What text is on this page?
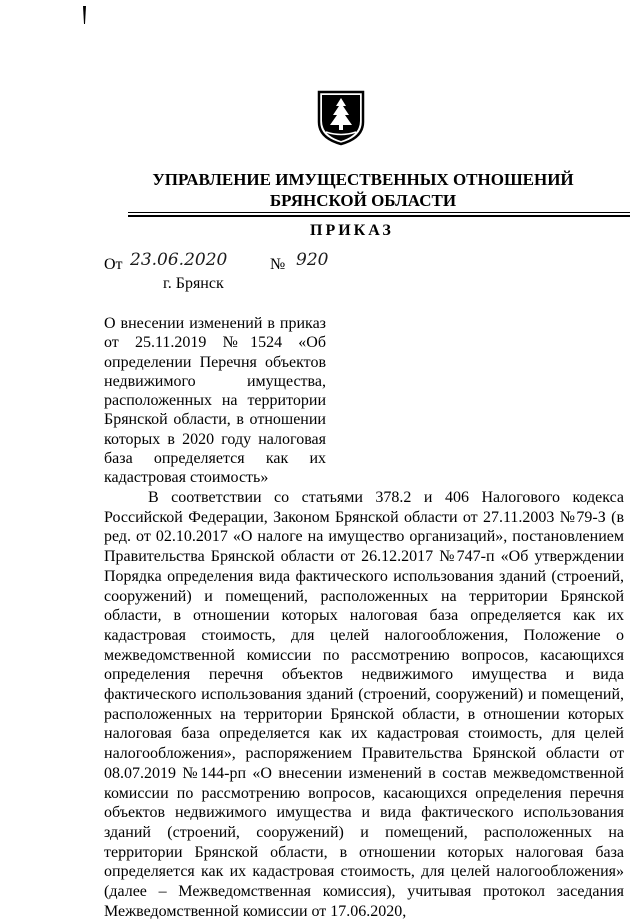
УПРАВЛЕНИЕ ИМУЩЕСТВЕННЫХ ОТНОШЕНИЙ
БРЯНСКОЙ ОБЛАСТИ
ПРИКАЗ
От 23.06.2020	№ 920
г. Брянск
О внесении изменений в приказ от 25.11.2019 №1524 «Об определении Перечня объектов недвижимого имущества, расположенных на территории Брянской области, в отношении которых в 2020 году налоговая база определяется как их кадастровая стоимость»
В соответствии со статьями 378.2 и 406 Налогового кодекса Российской Федерации, Законом Брянской области от 27.11.2003 №79-З (в ред. от 02.10.2017 «О налоге на имущество организаций», постановлением Правительства Брянской области от 26.12.2017 №747-п «Об утверждении Порядка определения вида фактического использования зданий (строений, сооружений) и помещений, расположенных на территории Брянской области, в отношении которых налоговая база определяется как их кадастровая стоимость, для целей налогообложения, Положение о межведомственной комиссии по рассмотрению вопросов, касающихся определения перечня объектов недвижимого имущества и вида фактического использования зданий (строений, сооружений) и помещений, расположенных на территории Брянской области, в отношении которых налоговая база определяется как их кадастровая стоимость, для целей налогообложения», распоряжением Правительства Брянской области от 08.07.2019 №144-рп «О внесении изменений в состав межведомственной комиссии по рассмотрению вопросов, касающихся определения перечня объектов недвижимого имущества и вида фактического использования зданий (строений, сооружений) и помещений, расположенных на территории Брянской области, в отношении которых налоговая база определяется как их кадастровая стоимость, для целей налогообложения» (далее – Межведомственная комиссия), учитывая протокол заседания Межведомственной комиссии от 17.06.2020,
